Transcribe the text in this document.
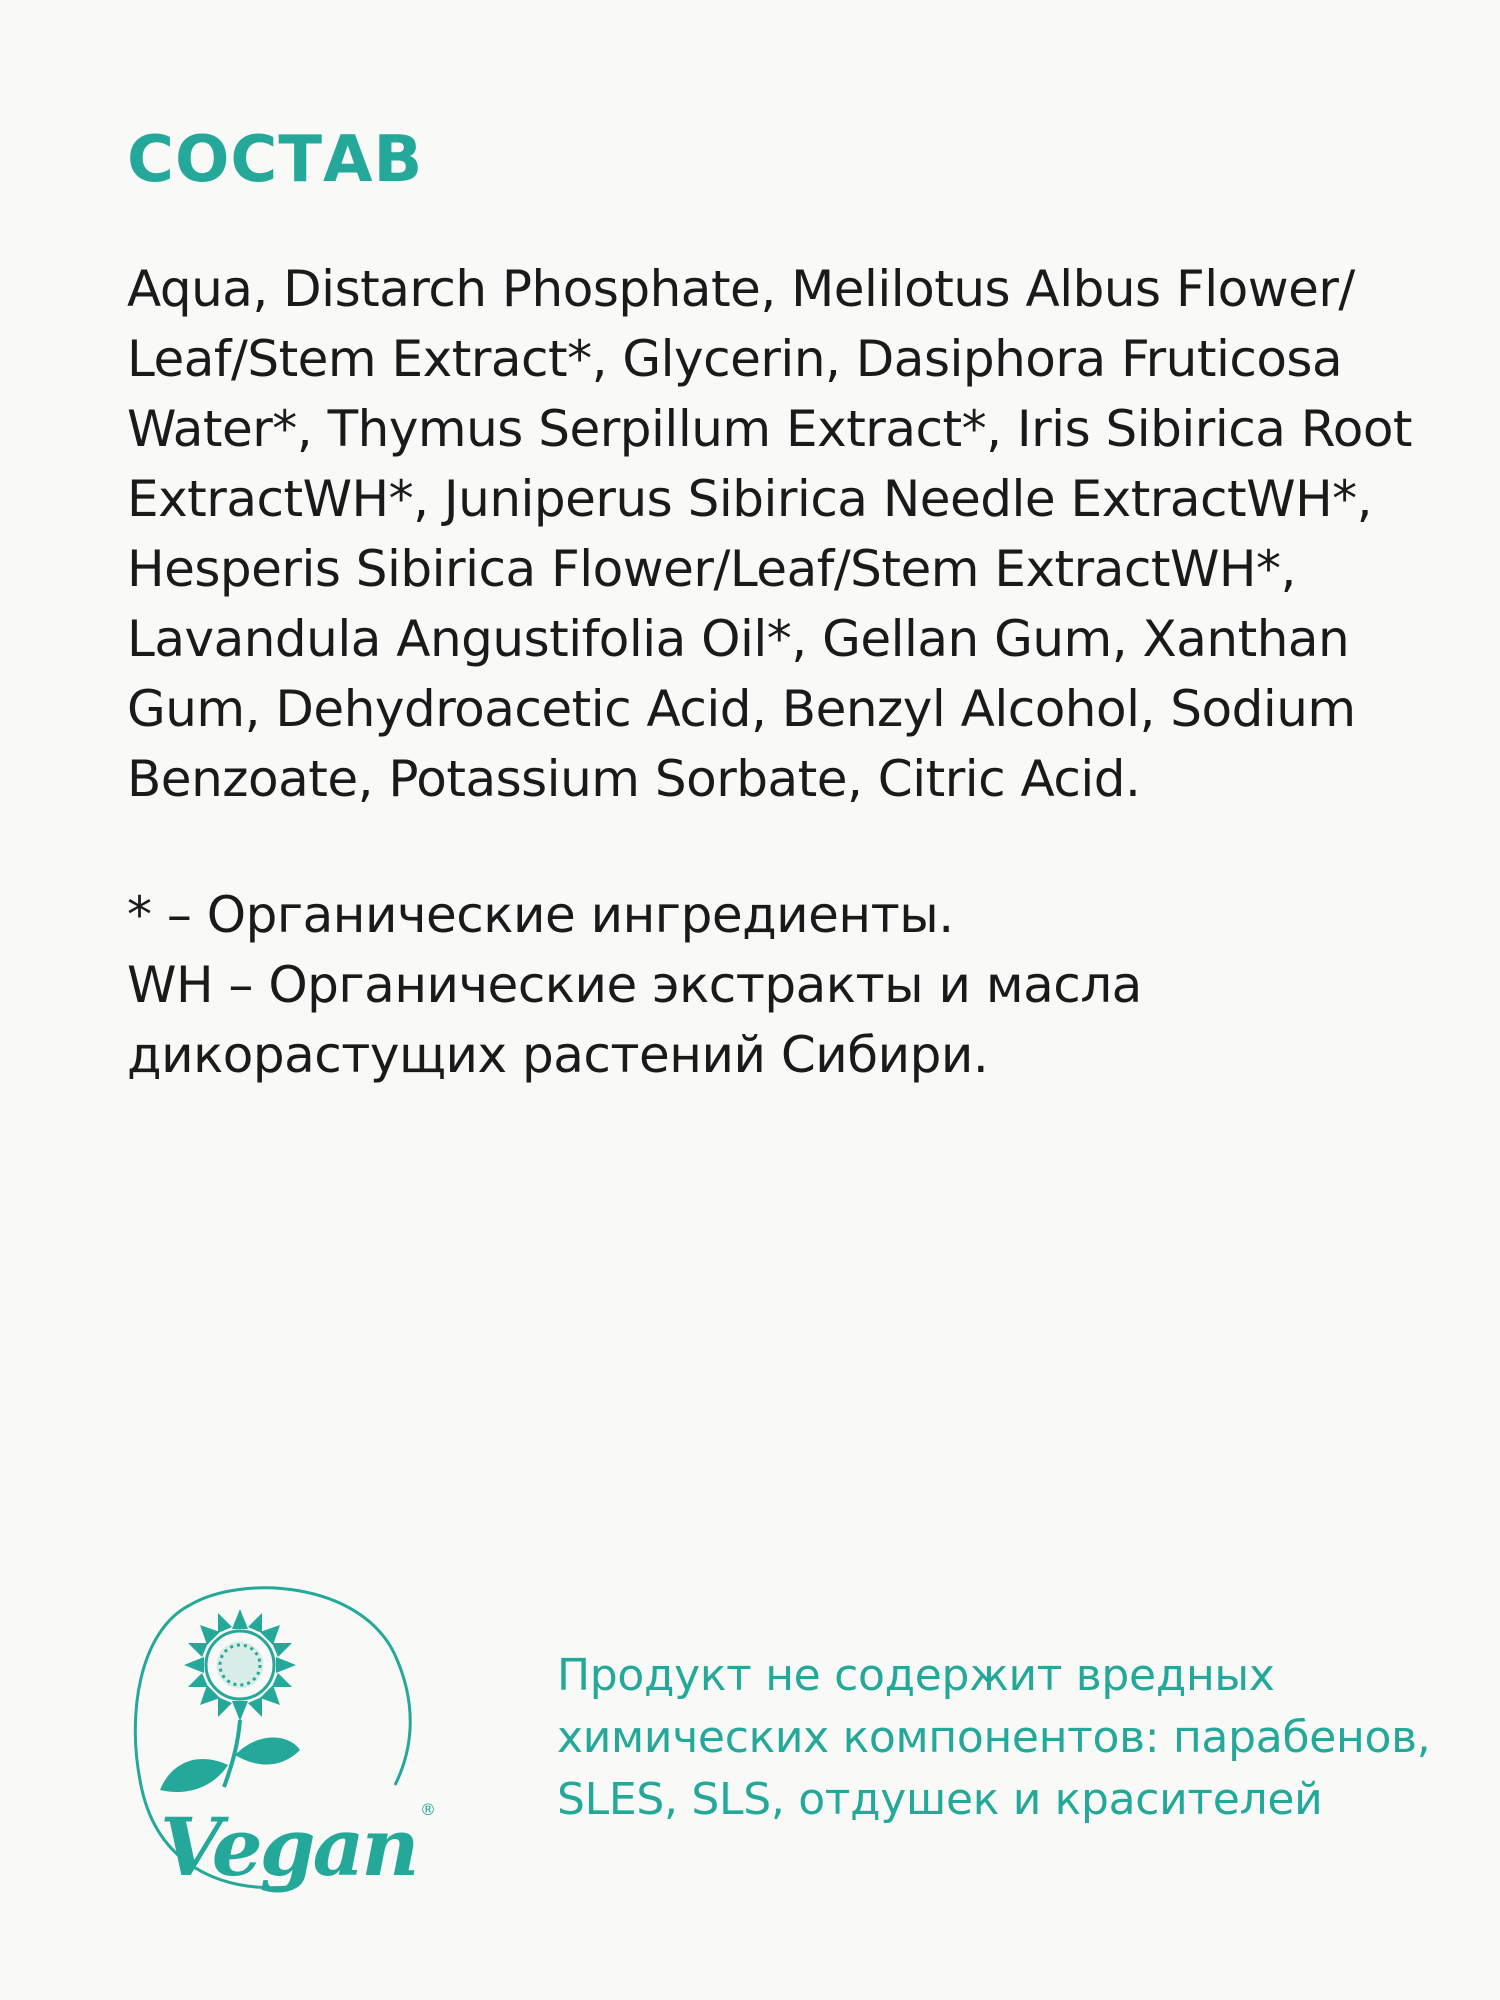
СОСТАВ
Aqua, Distarch Phosphate, Melilotus Albus Flower/
Leaf/Stem Extract*, Glycerin, Dasiphora Fruticosa
Water*, Thymus Serpillum Extract*, Iris Sibirica Root
ExtractWH*, Juniperus Sibirica Needle ExtractWH*,
Hesperis Sibirica Flower/Leaf/Stem ExtractWH*,
Lavandula Angustifolia Oil*, Gellan Gum, Xanthan
Gum, Dehydroacetic Acid, Benzyl Alcohol, Sodium
Benzoate, Potassium Sorbate, Citric Acid.
* – Органические ингредиенты.
WH – Органические экстракты и масла
дикорастущих растений Сибири.
Vegan ®
Продукт не содержит вредных
химических компонентов: парабенов,
SLES, SLS, отдушек и красителей
